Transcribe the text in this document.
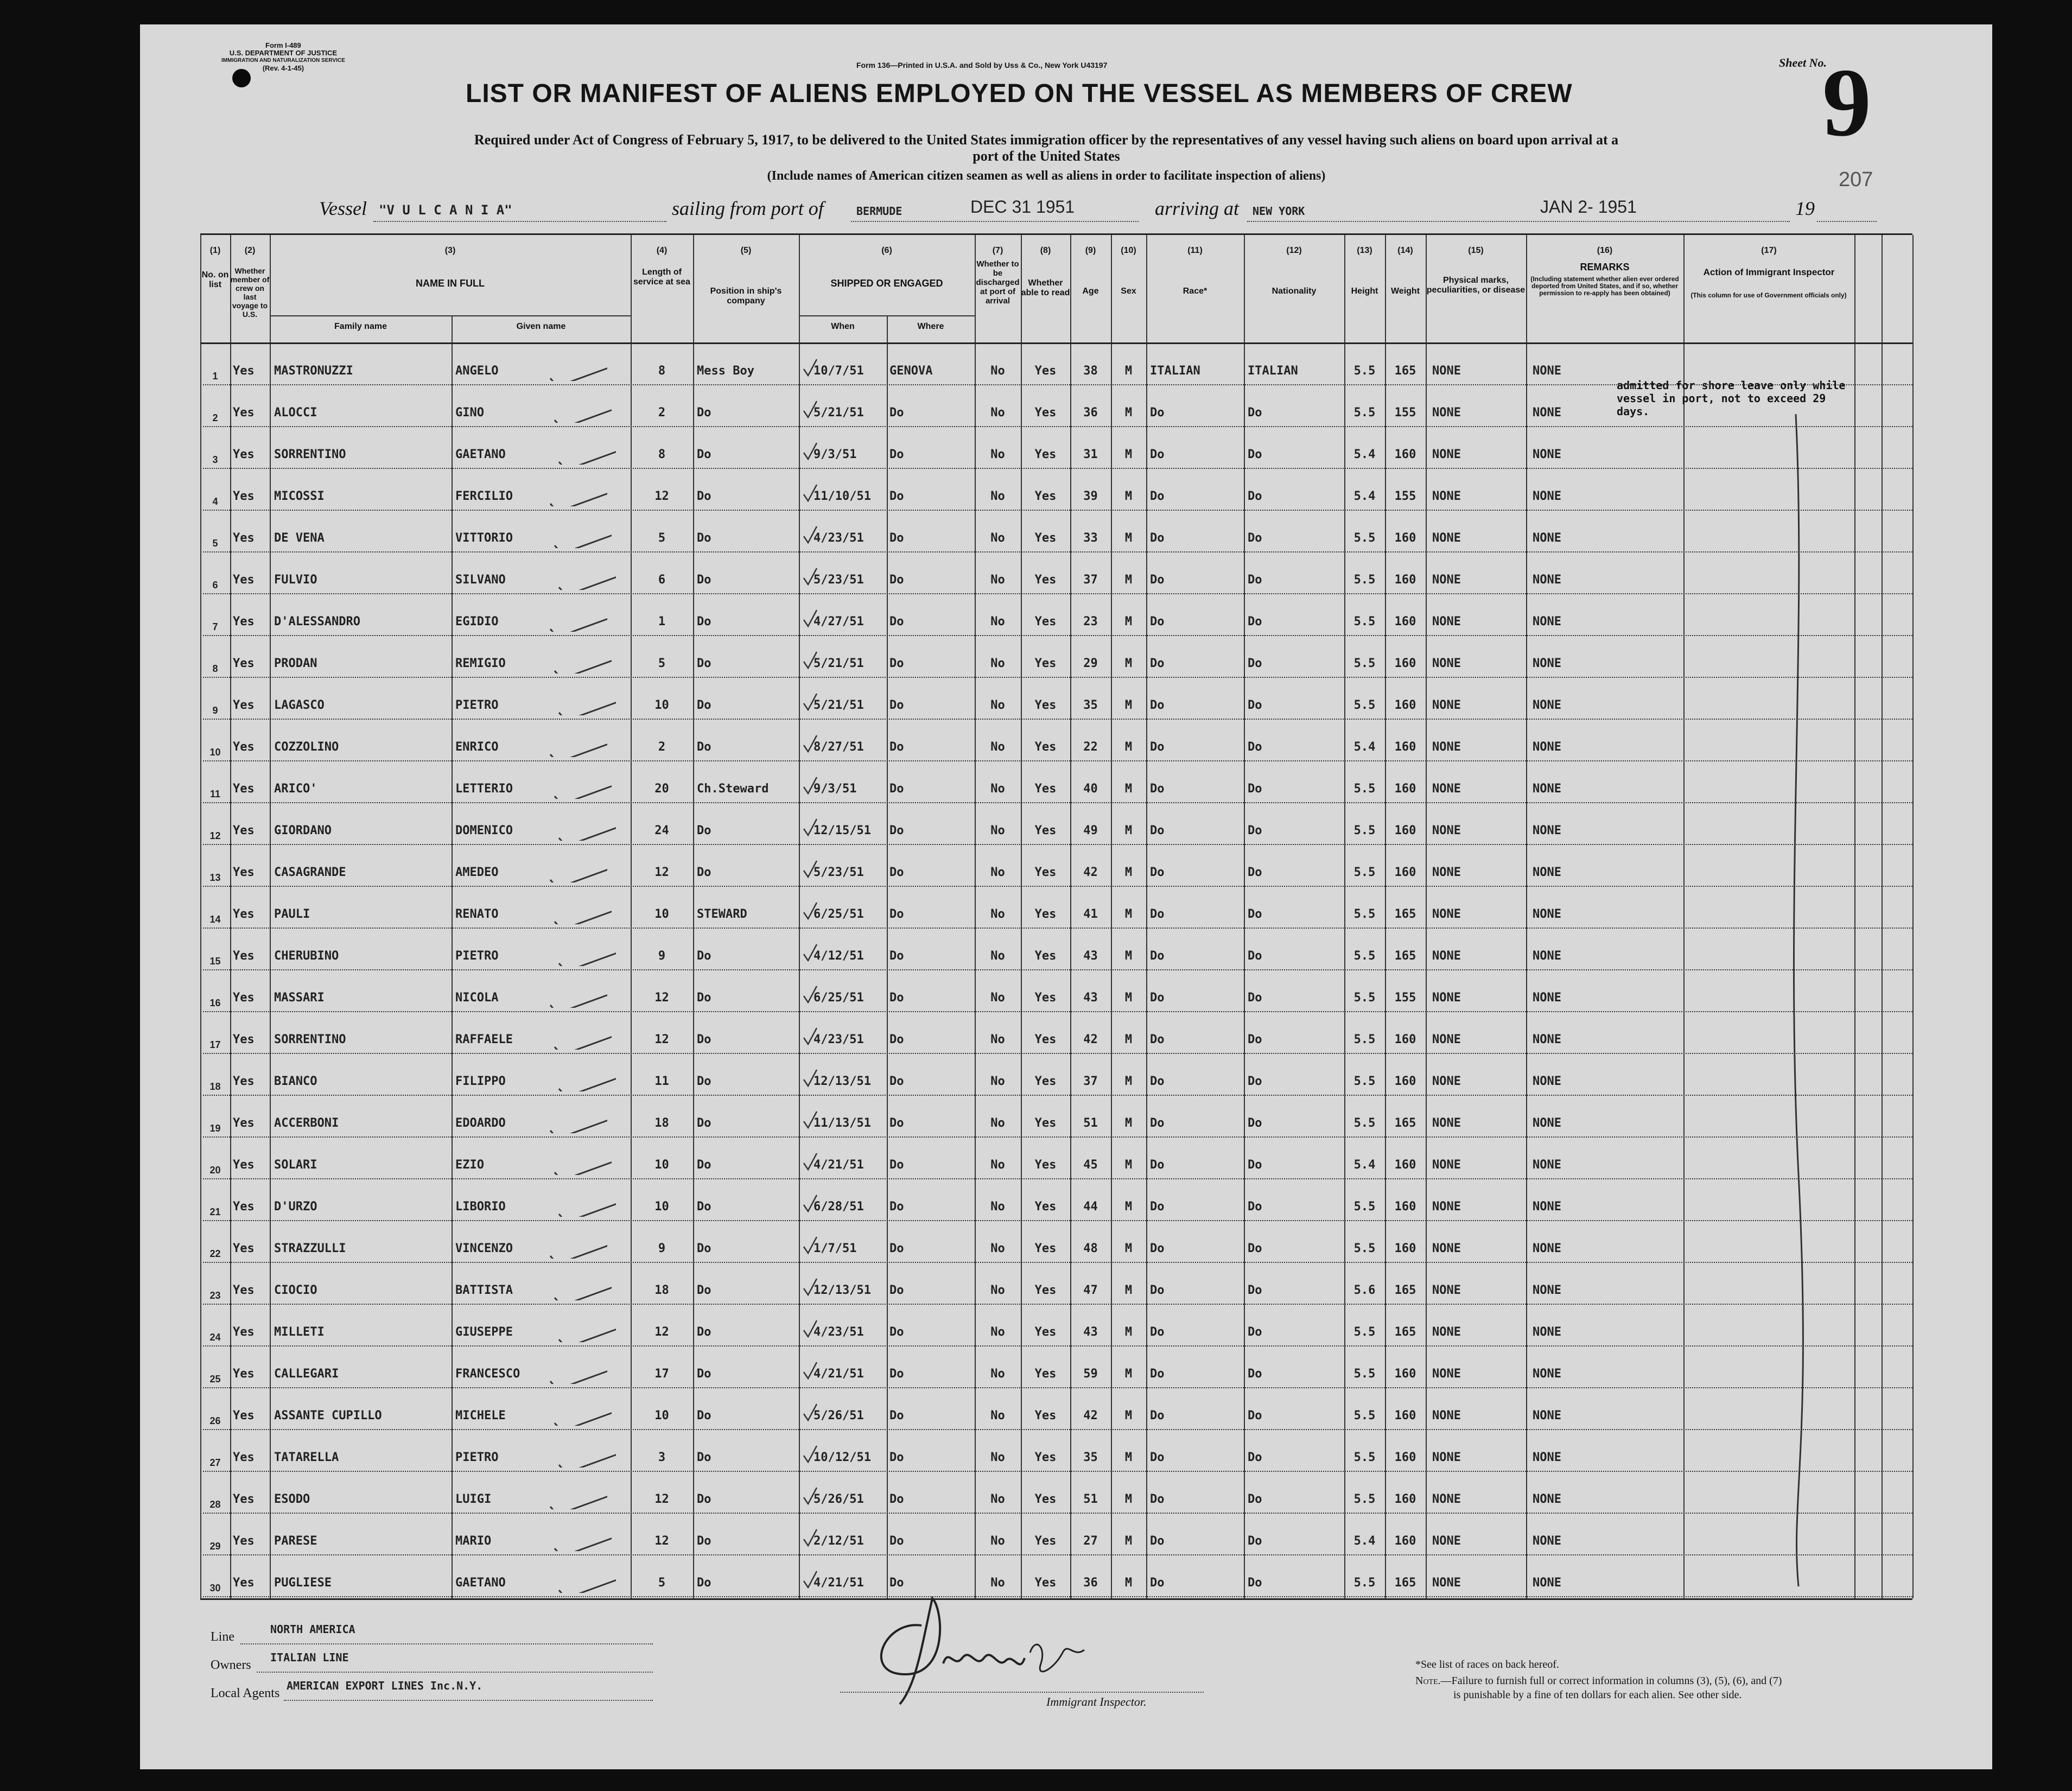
Form I-489
U.S. DEPARTMENT OF JUSTICE
IMMIGRATION AND NATURALIZATION SERVICE
(Rev. 4-1-45)	Form 136—Printed in U.S.A. and Sold by Uss & Co., New York U43197	Sheet No.
9
207
LIST OR MANIFEST OF ALIENS EMPLOYED ON THE VESSEL AS MEMBERS OF CREW
Required under Act of Congress of February 5, 1917, to be delivered to the United States immigration officer by the representatives of any vessel having such aliens on board upon arrival at a
port of the United States
(Include names of American citizen seamen as well as aliens in order to facilitate inspection of aliens)
Vessel "V U L C A N I A"	sailing from port of	BERMUDE	DEC 31 1951	arriving at NEW YORK	JAN 2- 1951	19
(1)	(2)	(3)	(4)	(5)	(6)	(7)	(8)	(9)	(10)	(11)	(12)	(13)	(14)	(15)	(16)	(17)
No. on list
Whether member of crew on last voyage to U.S.
NAME IN FULL
Family name	Given name
Length of service at sea
Position in ship's company
SHIPPED OR ENGAGED
When	Where
Whether to be discharged at port of arrival
Whether able to read	Age	Sex	Race*	Nationality	Height	Weight
Physical marks, peculiarities, or disease
REMARKS
(Including statement whether alien ever ordered deported from United States, and if so, whether permission to re-apply has been obtained)
Action of Immigrant Inspector
(This column for use of Government officials only)
admitted for shore leave only while vessel in port, not to exceed 29 days.
1	Yes	MASTRONUZZI	ANGELO	8	Mess Boy	10/7/51	GENOVA	No	Yes	38	M	ITALIAN	ITALIAN	5.5	165	NONE	NONE
2	Yes	ALOCCI	GINO	2	Do	5/21/51	Do	No	Yes	36	M	Do	Do	5.5	155	NONE	NONE
3	Yes	SORRENTINO	GAETANO	8	Do	9/3/51	Do	No	Yes	31	M	Do	Do	5.4	160	NONE	NONE
4	Yes	MICOSSI	FERCILIO	12	Do	11/10/51	Do	No	Yes	39	M	Do	Do	5.4	155	NONE	NONE
5	Yes	DE VENA	VITTORIO	5	Do	4/23/51	Do	No	Yes	33	M	Do	Do	5.5	160	NONE	NONE
6	Yes	FULVIO	SILVANO	6	Do	5/23/51	Do	No	Yes	37	M	Do	Do	5.5	160	NONE	NONE
7	Yes	D'ALESSANDRO	EGIDIO	1	Do	4/27/51	Do	No	Yes	23	M	Do	Do	5.5	160	NONE	NONE
8	Yes	PRODAN	REMIGIO	5	Do	5/21/51	Do	No	Yes	29	M	Do	Do	5.5	160	NONE	NONE
9	Yes	LAGASCO	PIETRO	10	Do	5/21/51	Do	No	Yes	35	M	Do	Do	5.5	160	NONE	NONE
10	Yes	COZZOLINO	ENRICO	2	Do	8/27/51	Do	No	Yes	22	M	Do	Do	5.4	160	NONE	NONE
11	Yes	ARICO'	LETTERIO	20	Ch.Steward	9/3/51	Do	No	Yes	40	M	Do	Do	5.5	160	NONE	NONE
12	Yes	GIORDANO	DOMENICO	24	Do	12/15/51	Do	No	Yes	49	M	Do	Do	5.5	160	NONE	NONE
13	Yes	CASAGRANDE	AMEDEO	12	Do	5/23/51	Do	No	Yes	42	M	Do	Do	5.5	160	NONE	NONE
14	Yes	PAULI	RENATO	10	STEWARD	6/25/51	Do	No	Yes	41	M	Do	Do	5.5	165	NONE	NONE
15	Yes	CHERUBINO	PIETRO	9	Do	4/12/51	Do	No	Yes	43	M	Do	Do	5.5	165	NONE	NONE
16	Yes	MASSARI	NICOLA	12	Do	6/25/51	Do	No	Yes	43	M	Do	Do	5.5	155	NONE	NONE
17	Yes	SORRENTINO	RAFFAELE	12	Do	4/23/51	Do	No	Yes	42	M	Do	Do	5.5	160	NONE	NONE
18	Yes	BIANCO	FILIPPO	11	Do	12/13/51	Do	No	Yes	37	M	Do	Do	5.5	160	NONE	NONE
19	Yes	ACCERBONI	EDOARDO	18	Do	11/13/51	Do	No	Yes	51	M	Do	Do	5.5	165	NONE	NONE
20	Yes	SOLARI	EZIO	10	Do	4/21/51	Do	No	Yes	45	M	Do	Do	5.4	160	NONE	NONE
21	Yes	D'URZO	LIBORIO	10	Do	6/28/51	Do	No	Yes	44	M	Do	Do	5.5	160	NONE	NONE
22	Yes	STRAZZULLI	VINCENZO	9	Do	1/7/51	Do	No	Yes	48	M	Do	Do	5.5	160	NONE	NONE
23	Yes	CIOCIO	BATTISTA	18	Do	12/13/51	Do	No	Yes	47	M	Do	Do	5.6	165	NONE	NONE
24	Yes	MILLETI	GIUSEPPE	12	Do	4/23/51	Do	No	Yes	43	M	Do	Do	5.5	165	NONE	NONE
25	Yes	CALLEGARI	FRANCESCO	17	Do	4/21/51	Do	No	Yes	59	M	Do	Do	5.5	160	NONE	NONE
26	Yes	ASSANTE CUPILLO	MICHELE	10	Do	5/26/51	Do	No	Yes	42	M	Do	Do	5.5	160	NONE	NONE
27	Yes	TATARELLA	PIETRO	3	Do	10/12/51	Do	No	Yes	35	M	Do	Do	5.5	160	NONE	NONE
28	Yes	ESODO	LUIGI	12	Do	5/26/51	Do	No	Yes	51	M	Do	Do	5.5	160	NONE	NONE
29	Yes	PARESE	MARIO	12	Do	2/12/51	Do	No	Yes	27	M	Do	Do	5.4	160	NONE	NONE
30	Yes	PUGLIESE	GAETANO	5	Do	4/21/51	Do	No	Yes	36	M	Do	Do	5.5	165	NONE	NONE
Line
NORTH AMERICA
Owners
ITALIAN LINE
Local Agents
AMERICAN EXPORT LINES Inc.N.Y.
Immigrant Inspector.
*See list of races on back hereof.
Note.—Failure to furnish full or correct information in columns (3), (5), (6), and (7)
is punishable by a fine of ten dollars for each alien. See other side.
